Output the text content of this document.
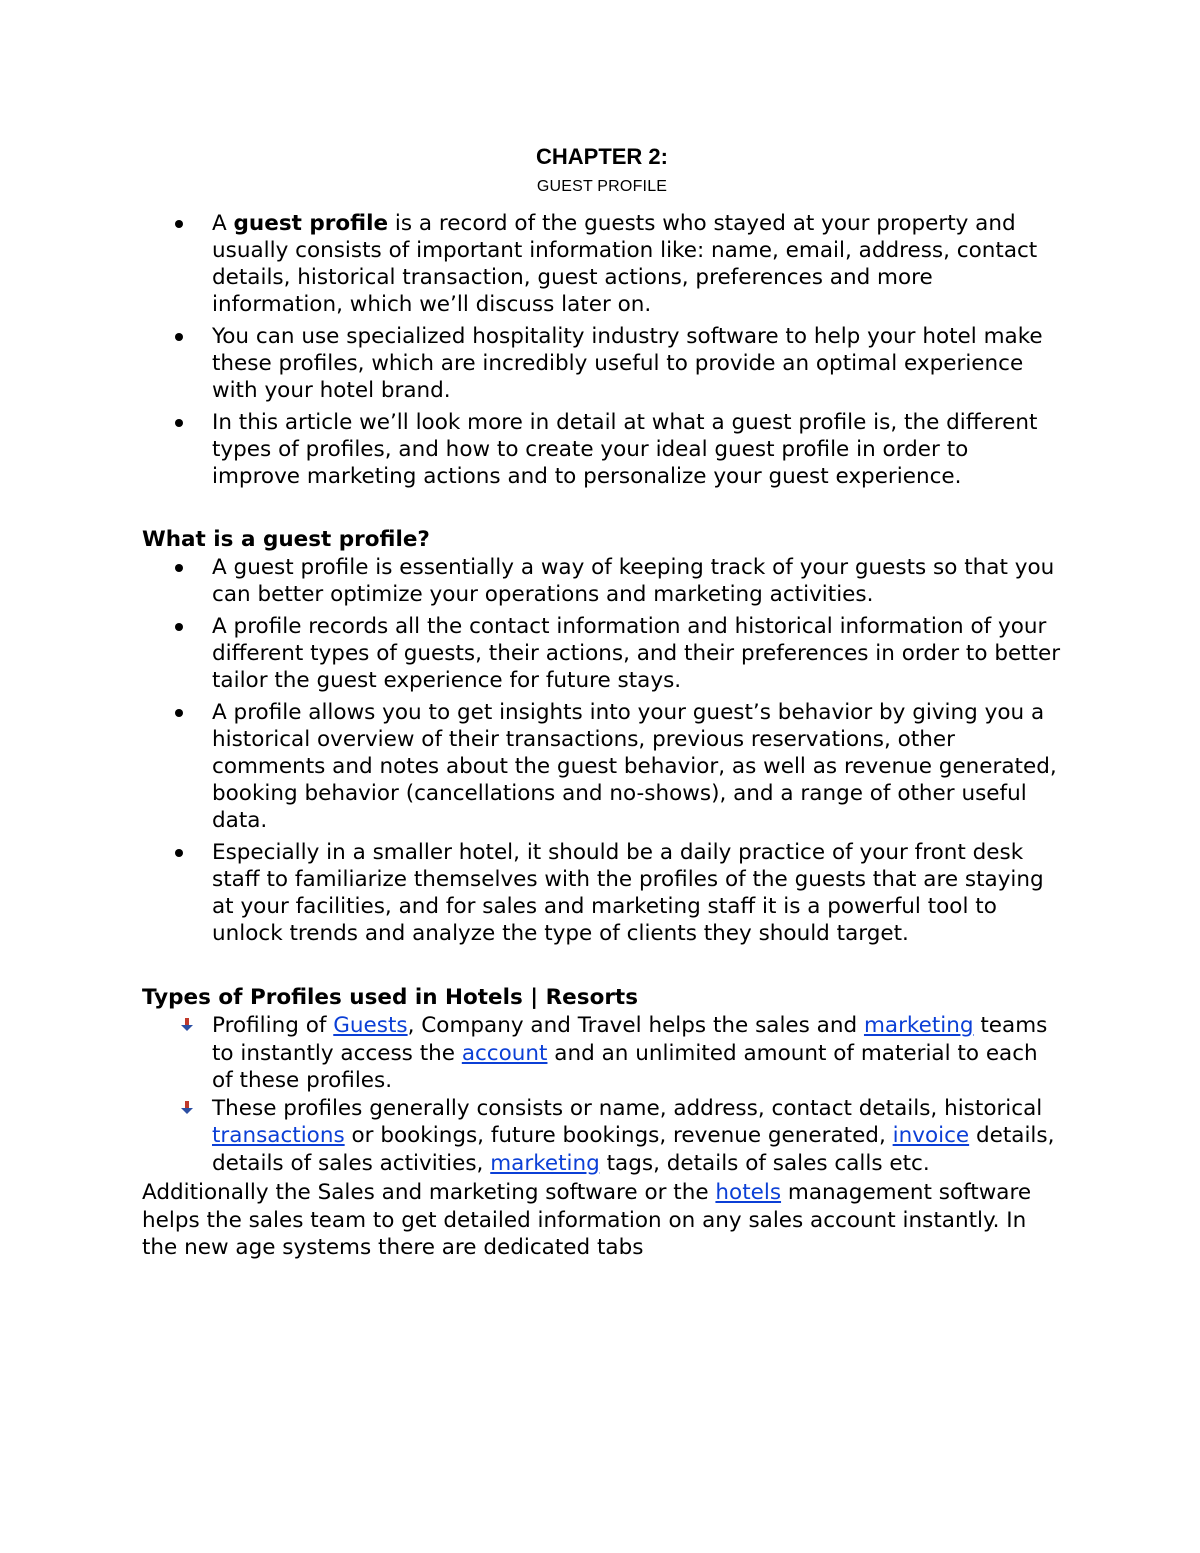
CHAPTER 2:
GUEST PROFILE
A guest profile is a record of the guests who stayed at your property and usually consists of important information like: name, email, address, contact details, historical transaction, guest actions, preferences and more information, which we’ll discuss later on.
You can use specialized hospitality industry software to help your hotel make these profiles, which are incredibly useful to provide an optimal experience with your hotel brand.
In this article we’ll look more in detail at what a guest profile is, the different types of profiles, and how to create your ideal guest profile in order to improve marketing actions and to personalize your guest experience.
What is a guest profile?
A guest profile is essentially a way of keeping track of your guests so that you can better optimize your operations and marketing activities.
A profile records all the contact information and historical information of your different types of guests, their actions, and their preferences in order to better tailor the guest experience for future stays.
A profile allows you to get insights into your guest’s behavior by giving you a historical overview of their transactions, previous reservations, other comments and notes about the guest behavior, as well as revenue generated, booking behavior (cancellations and no-shows), and a range of other useful data.
Especially in a smaller hotel, it should be a daily practice of your front desk staff to familiarize themselves with the profiles of the guests that are staying at your facilities, and for sales and marketing staff it is a powerful tool to unlock trends and analyze the type of clients they should target.
Types of Profiles used in Hotels | Resorts
Profiling of Guests, Company and Travel helps the sales and marketing teams to instantly access the account and an unlimited amount of material to each of these profiles.
These profiles generally consists or name, address, contact details, historical transactions or bookings, future bookings, revenue generated, invoice details, details of sales activities, marketing tags, details of sales calls etc.

Additionally the Sales and marketing software or the hotels management software helps the sales team to get detailed information on any sales account instantly. In the new age systems there are dedicated tabs
